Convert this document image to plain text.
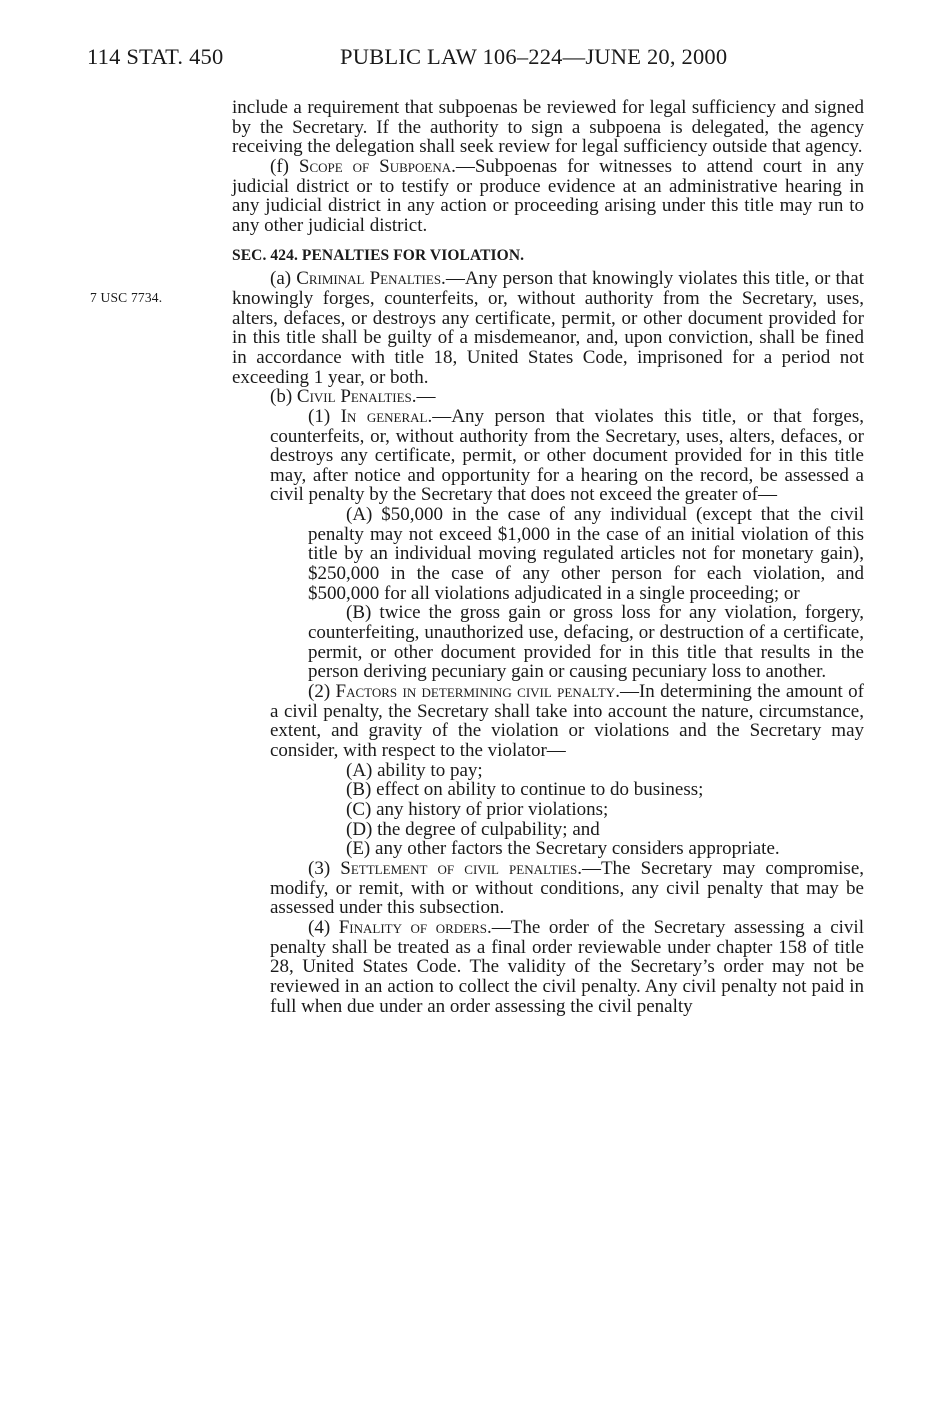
114 STAT. 450	PUBLIC LAW 106–224—JUNE 20, 2000
7 USC 7734.

include a requirement that subpoenas be reviewed for legal sufficiency and signed by the Secretary. If the authority to sign a subpoena is delegated, the agency receiving the delegation shall seek review for legal sufficiency outside that agency.

(f) Scope of Subpoena.—Subpoenas for witnesses to attend court in any judicial district or to testify or produce evidence at an administrative hearing in any judicial district in any action or proceeding arising under this title may run to any other judicial district.

SEC. 424. PENALTIES FOR VIOLATION.

(a) Criminal Penalties.—Any person that knowingly violates this title, or that knowingly forges, counterfeits, or, without authority from the Secretary, uses, alters, defaces, or destroys any certificate, permit, or other document provided for in this title shall be guilty of a misdemeanor, and, upon conviction, shall be fined in accordance with title 18, United States Code, imprisoned for a period not exceeding 1 year, or both.

(b) Civil Penalties.—

(1) In general.—Any person that violates this title, or that forges, counterfeits, or, without authority from the Secretary, uses, alters, defaces, or destroys any certificate, permit, or other document provided for in this title may, after notice and opportunity for a hearing on the record, be assessed a civil penalty by the Secretary that does not exceed the greater of—

(A) $50,000 in the case of any individual (except that the civil penalty may not exceed $1,000 in the case of an initial violation of this title by an individual moving regulated articles not for monetary gain), $250,000 in the case of any other person for each violation, and $500,000 for all violations adjudicated in a single proceeding; or

(B) twice the gross gain or gross loss for any violation, forgery, counterfeiting, unauthorized use, defacing, or destruction of a certificate, permit, or other document provided for in this title that results in the person deriving pecuniary gain or causing pecuniary loss to another.

(2) Factors in determining civil penalty.—In determining the amount of a civil penalty, the Secretary shall take into account the nature, circumstance, extent, and gravity of the violation or violations and the Secretary may consider, with respect to the violator—

(A) ability to pay;

(B) effect on ability to continue to do business;

(C) any history of prior violations;

(D) the degree of culpability; and

(E) any other factors the Secretary considers appropriate.

(3) Settlement of civil penalties.—The Secretary may compromise, modify, or remit, with or without conditions, any civil penalty that may be assessed under this subsection.

(4) Finality of orders.—The order of the Secretary assessing a civil penalty shall be treated as a final order reviewable under chapter 158 of title 28, United States Code. The validity of the Secretary’s order may not be reviewed in an action to collect the civil penalty. Any civil penalty not paid in full when due under an order assessing the civil penalty
